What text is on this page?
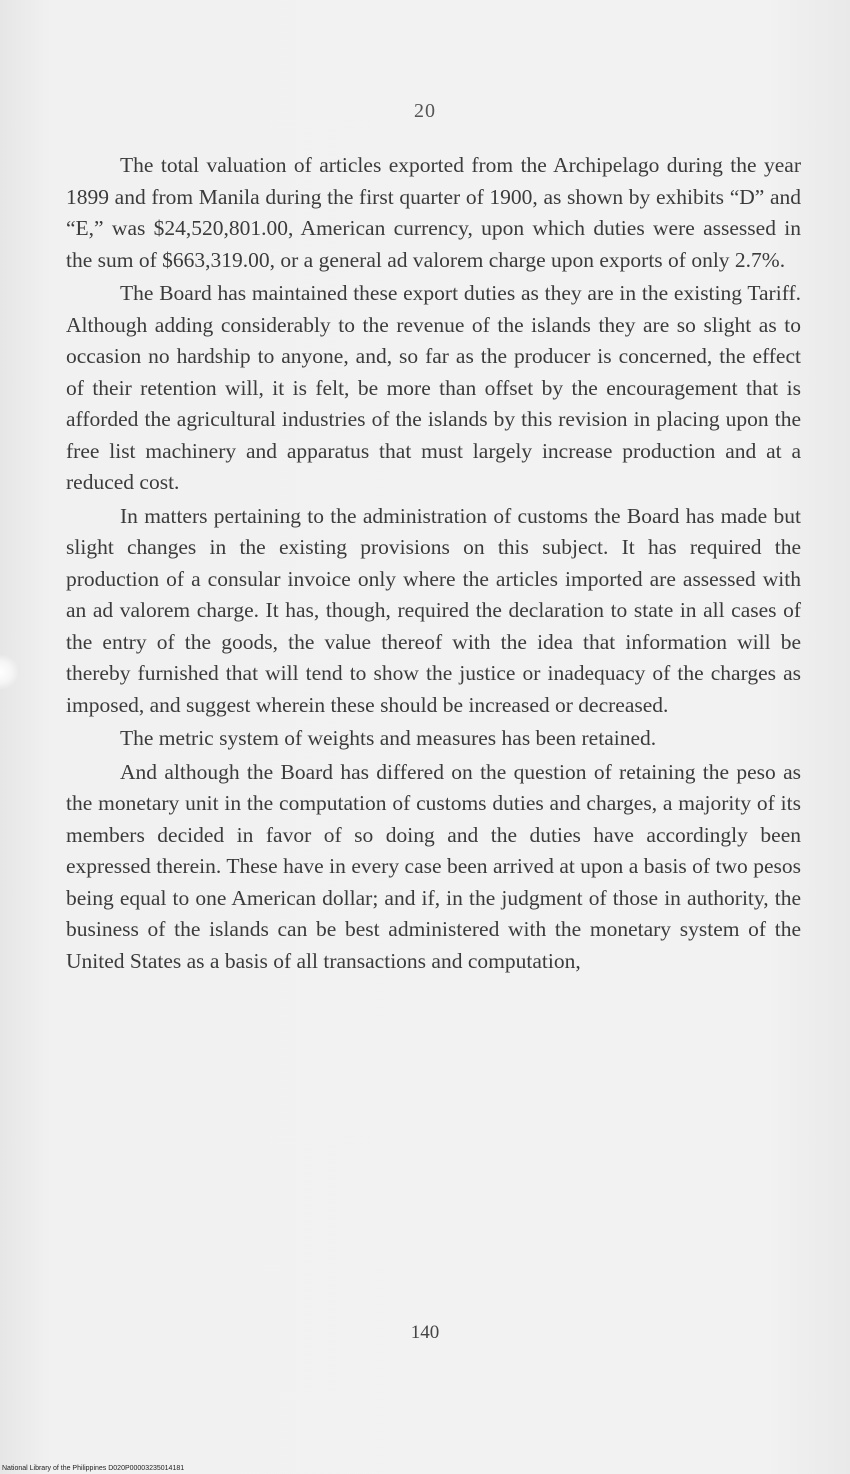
20

The total valuation of articles exported from the Archipelago during the year 1899 and from Manila during the first quarter of 1900, as shown by exhibits “D” and “E,” was $24,520,801.00, American currency, upon which duties were assessed in the sum of $663,319.00, or a general ad valorem charge upon exports of only 2.7%.

The Board has maintained these export duties as they are in the existing Tariff. Although adding considerably to the revenue of the islands they are so slight as to occasion no hardship to anyone, and, so far as the producer is concerned, the effect of their retention will, it is felt, be more than offset by the encouragement that is afforded the agricultural industries of the islands by this revision in placing upon the free list machinery and apparatus that must largely increase production and at a reduced cost.

In matters pertaining to the administration of customs the Board has made but slight changes in the existing provisions on this subject. It has required the production of a consular invoice only where the articles imported are assessed with an ad valorem charge. It has, though, required the declaration to state in all cases of the entry of the goods, the value thereof with the idea that information will be thereby furnished that will tend to show the justice or inadequacy of the charges as imposed, and suggest wherein these should be increased or decreased.

The metric system of weights and measures has been retained.

And although the Board has differed on the question of retaining the peso as the monetary unit in the computation of customs duties and charges, a majority of its members decided in favor of so doing and the duties have accordingly been expressed therein. These have in every case been arrived at upon a basis of two pesos being equal to one American dollar; and if, in the judgment of those in authority, the business of the islands can be best administered with the monetary system of the United States as a basis of all transactions and computation,

140
National Library of the Philippines D020P00003235014181
